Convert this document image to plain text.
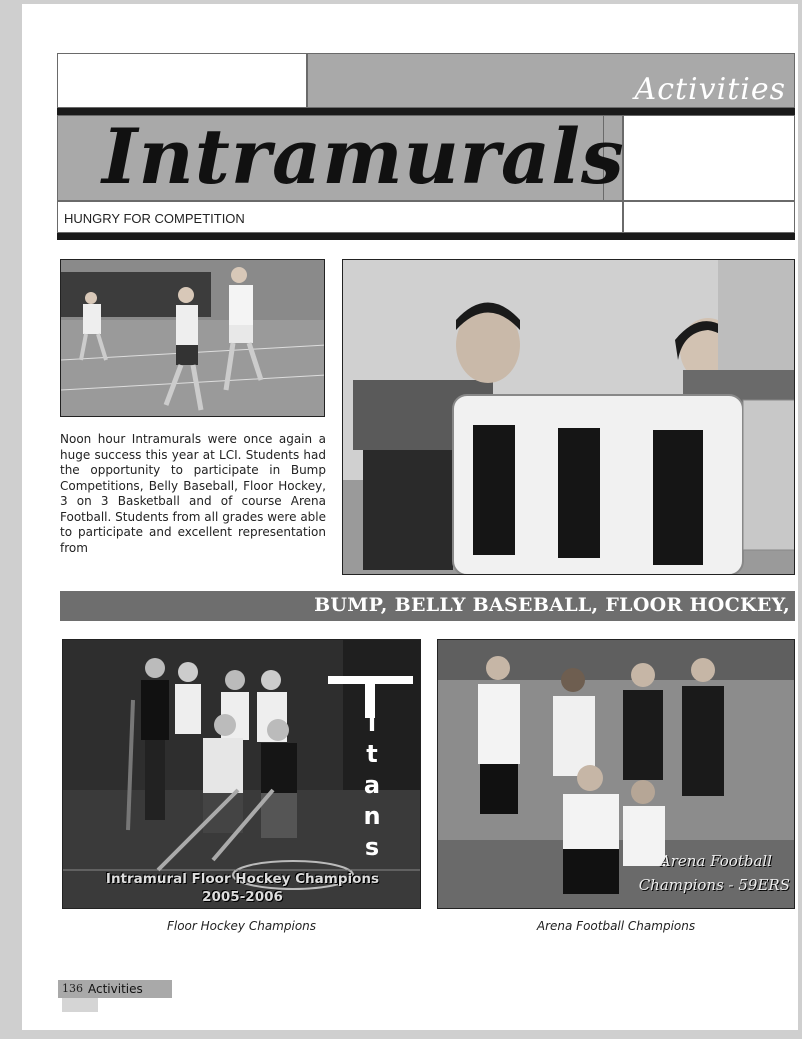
Activities
Intramurals
HUNGRY FOR COMPETITION
Noon hour Intramurals were once again a huge success this year at LCI. Students had the opportunity to participate in Bump Competitions, Belly Baseball, Floor Hockey, 3 on 3 Basketball and of course Arena Football. Students from all grades were able to participate and excellent representation from
BUMP, BELLY BASEBALL, FLOOR HOCKEY,
i
t
a
n
s
Intramural Floor Hockey Champions
2005-2006
Floor Hockey Champions
Arena Football
Champions - 59ERS
Arena Football Champions
136 Activities
